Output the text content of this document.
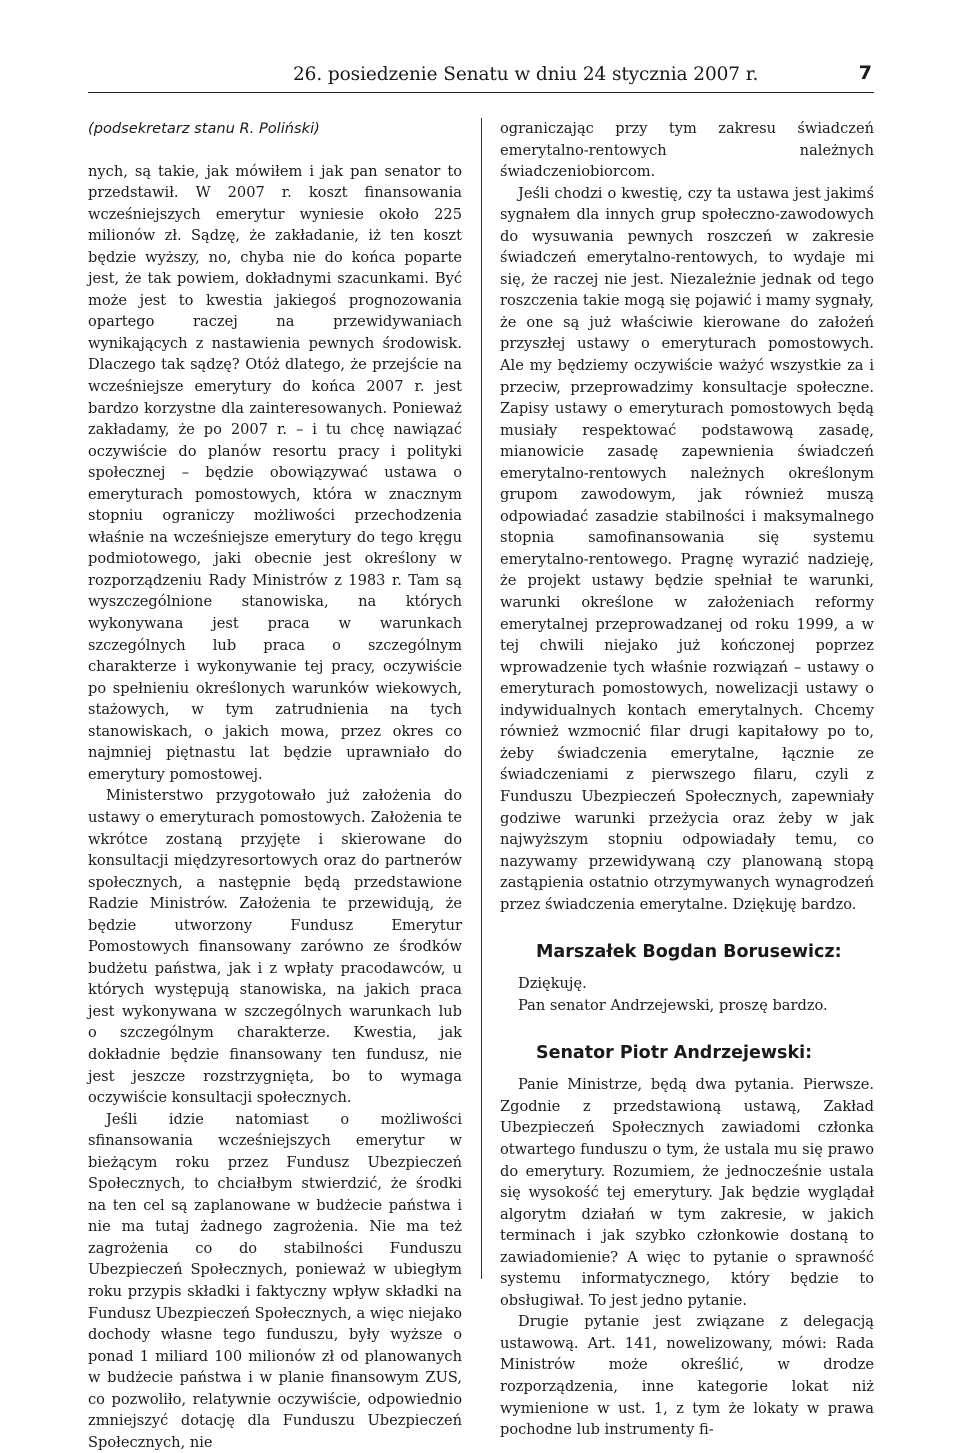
26. posiedzenie Senatu w dniu 24 stycznia 2007 r.	7

(podsekretarz stanu R. Poliński)

nych, są takie, jak mówiłem i jak pan senator to przedstawił. W 2007 r. koszt finansowania wcześniejszych emerytur wyniesie około 225 milionów zł. Sądzę, że zakładanie, iż ten koszt będzie wyższy, no, chyba nie do końca poparte jest, że tak powiem, dokładnymi szacunkami. Być może jest to kwestia jakiegoś prognozowania opartego raczej na przewidywaniach wynikających z nastawienia pewnych środowisk. Dlaczego tak sądzę? Otóż dlatego, że przejście na wcześniejsze emerytury do końca 2007 r. jest bardzo korzystne dla zainteresowanych. Ponieważ zakładamy, że po 2007 r. – i tu chcę nawiązać oczywiście do planów resortu pracy i polityki społecznej – będzie obowiązywać ustawa o emeryturach pomostowych, która w znacznym stopniu ograniczy możliwości przechodzenia właśnie na wcześniejsze emerytury do tego kręgu podmiotowego, jaki obecnie jest określony w rozporządzeniu Rady Ministrów z 1983 r. Tam są wyszczególnione stanowiska, na których wykonywana jest praca w warunkach szczególnych lub praca o szczególnym charakterze i wykonywanie tej pracy, oczywiście po spełnieniu określonych warunków wiekowych, stażowych, w tym zatrudnienia na tych stanowiskach, o jakich mowa, przez okres co najmniej piętnastu lat będzie uprawniało do emerytury pomostowej.

Ministerstwo przygotowało już założenia do ustawy o emeryturach pomostowych. Założenia te wkrótce zostaną przyjęte i skierowane do konsultacji międzyresortowych oraz do partnerów społecznych, a następnie będą przedstawione Radzie Ministrów. Założenia te przewidują, że będzie utworzony Fundusz Emerytur Pomostowych finansowany zarówno ze środków budżetu państwa, jak i z wpłaty pracodawców, u których występują stanowiska, na jakich praca jest wykonywana w szczególnych warunkach lub o szczególnym charakterze. Kwestia, jak dokładnie będzie finansowany ten fundusz, nie jest jeszcze rozstrzygnięta, bo to wymaga oczywiście konsultacji społecznych.

Jeśli idzie natomiast o możliwości sfinansowania wcześniejszych emerytur w bieżącym roku przez Fundusz Ubezpieczeń Społecznych, to chciałbym stwierdzić, że środki na ten cel są zaplanowane w budżecie państwa i nie ma tutaj żadnego zagrożenia. Nie ma też zagrożenia co do stabilności Funduszu Ubezpieczeń Społecznych, ponieważ w ubiegłym roku przypis składki i faktyczny wpływ składki na Fundusz Ubezpieczeń Społecznych, a więc niejako dochody własne tego funduszu, były wyższe o ponad 1 miliard 100 milionów zł od planowanych w budżecie państwa i w planie finansowym ZUS, co pozwoliło, relatywnie oczywiście, odpowiednio zmniejszyć dotację dla Funduszu Ubezpieczeń Społecznych, nie

ograniczając przy tym zakresu świadczeń emerytalno-rentowych należnych świadczeniobiorcom.

Jeśli chodzi o kwestię, czy ta ustawa jest jakimś sygnałem dla innych grup społeczno-zawodowych do wysuwania pewnych roszczeń w zakresie świadczeń emerytalno-rentowych, to wydaje mi się, że raczej nie jest. Niezależnie jednak od tego roszczenia takie mogą się pojawić i mamy sygnały, że one są już właściwie kierowane do założeń przyszłej ustawy o emeryturach pomostowych. Ale my będziemy oczywiście ważyć wszystkie za i przeciw, przeprowadzimy konsultacje społeczne. Zapisy ustawy o emeryturach pomostowych będą musiały respektować podstawową zasadę, mianowicie zasadę zapewnienia świadczeń emerytalno-rentowych należnych określonym grupom zawodowym, jak również muszą odpowiadać zasadzie stabilności i maksymalnego stopnia samofinansowania się systemu emerytalno-rentowego. Pragnę wyrazić nadzieję, że projekt ustawy będzie spełniał te warunki, warunki określone w założeniach reformy emerytalnej przeprowadzanej od roku 1999, a w tej chwili niejako już kończonej poprzez wprowadzenie tych właśnie rozwiązań – ustawy o emeryturach pomostowych, nowelizacji ustawy o indywidualnych kontach emerytalnych. Chcemy również wzmocnić filar drugi kapitałowy po to, żeby świadczenia emerytalne, łącznie ze świadczeniami z pierwszego filaru, czyli z Funduszu Ubezpieczeń Społecznych, zapewniały godziwe warunki przeżycia oraz żeby w jak najwyższym stopniu odpowiadały temu, co nazywamy przewidywaną czy planowaną stopą zastąpienia ostatnio otrzymywanych wynagrodzeń przez świadczenia emerytalne. Dziękuję bardzo.

Marszałek Bogdan Borusewicz:

Dziękuję.

Pan senator Andrzejewski, proszę bardzo.

Senator Piotr Andrzejewski:

Panie Ministrze, będą dwa pytania. Pierwsze. Zgodnie z przedstawioną ustawą, Zakład Ubezpieczeń Społecznych zawiadomi członka otwartego funduszu o tym, że ustala mu się prawo do emerytury. Rozumiem, że jednocześnie ustala się wysokość tej emerytury. Jak będzie wyglądał algorytm działań w tym zakresie, w jakich terminach i jak szybko członkowie dostaną to zawiadomienie? A więc to pytanie o sprawność systemu informatycznego, który będzie to obsługiwał. To jest jedno pytanie.

Drugie pytanie jest związane z delegacją ustawową. Art. 141, nowelizowany, mówi: Rada Ministrów może określić, w drodze rozporządzenia, inne kategorie lokat niż wymienione w ust. 1, z tym że lokaty w prawa pochodne lub instrumenty fi-
